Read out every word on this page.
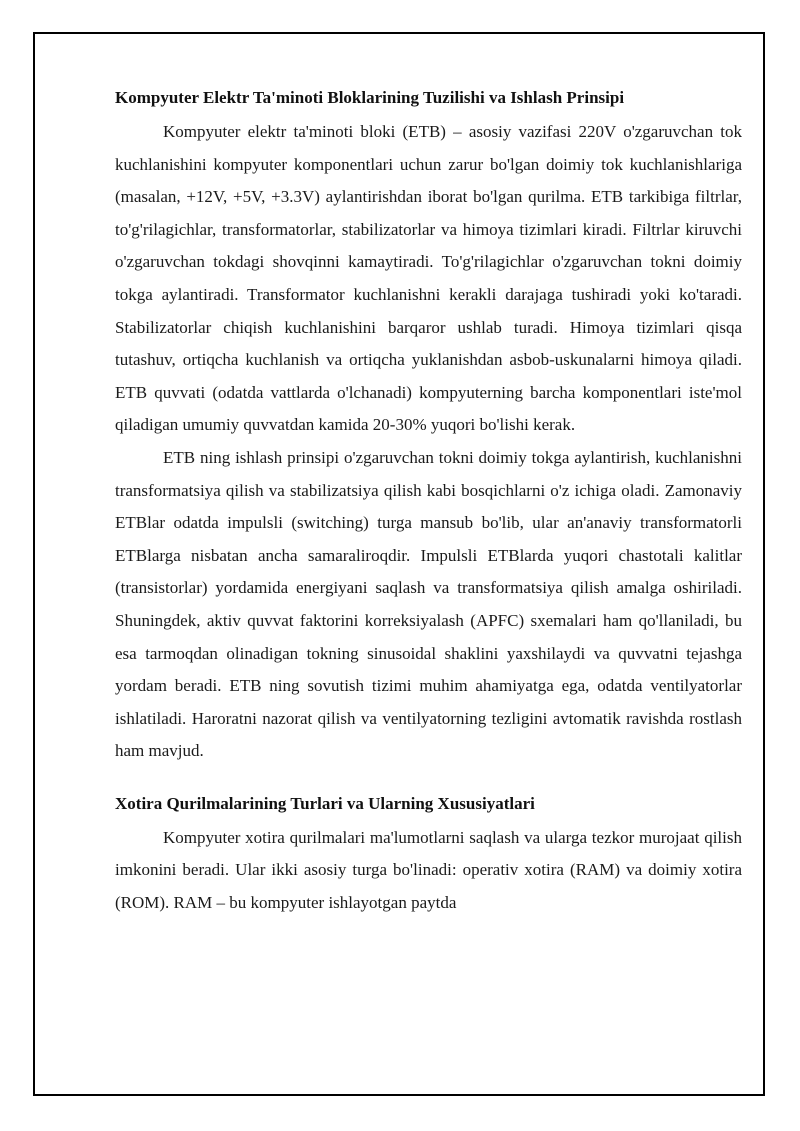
Kompyuter Elektr Ta'minoti Bloklarining Tuzilishi va Ishlash Prinsipi

Kompyuter elektr ta'minoti bloki (ETB) – asosiy vazifasi 220V o'zgaruvchan tok kuchlanishini kompyuter komponentlari uchun zarur bo'lgan doimiy tok kuchlanishlariga (masalan, +12V, +5V, +3.3V) aylantirishdan iborat bo'lgan qurilma. ETB tarkibiga filtrlar, to'g'rilagichlar, transformatorlar, stabilizatorlar va himoya tizimlari kiradi. Filtrlar kiruvchi o'zgaruvchan tokdagi shovqinni kamaytiradi. To'g'rilagichlar o'zgaruvchan tokni doimiy tokga aylantiradi. Transformator kuchlanishni kerakli darajaga tushiradi yoki ko'taradi. Stabilizatorlar chiqish kuchlanishini barqaror ushlab turadi. Himoya tizimlari qisqa tutashuv, ortiqcha kuchlanish va ortiqcha yuklanishdan asbob-uskunalarni himoya qiladi. ETB quvvati (odatda vattlarda o'lchanadi) kompyuterning barcha komponentlari iste'mol qiladigan umumiy quvvatdan kamida 20-30% yuqori bo'lishi kerak.

ETB ning ishlash prinsipi o'zgaruvchan tokni doimiy tokga aylantirish, kuchlanishni transformatsiya qilish va stabilizatsiya qilish kabi bosqichlarni o'z ichiga oladi. Zamonaviy ETBlar odatda impulsli (switching) turga mansub bo'lib, ular an'anaviy transformatorli ETBlarga nisbatan ancha samaraliroqdir. Impulsli ETBlarda yuqori chastotali kalitlar (transistorlar) yordamida energiyani saqlash va transformatsiya qilish amalga oshiriladi. Shuningdek, aktiv quvvat faktorini korreksiyalash (APFC) sxemalari ham qo'llaniladi, bu esa tarmoqdan olinadigan tokning sinusoidal shaklini yaxshilaydi va quvvatni tejashga yordam beradi. ETB ning sovutish tizimi muhim ahamiyatga ega, odatda ventilyatorlar ishlatiladi. Haroratni nazorat qilish va ventilyatorning tezligini avtomatik ravishda rostlash ham mavjud.

Xotira Qurilmalarining Turlari va Ularning Xususiyatlari

Kompyuter xotira qurilmalari ma'lumotlarni saqlash va ularga tezkor murojaat qilish imkonini beradi. Ular ikki asosiy turga bo'linadi: operativ xotira (RAM) va doimiy xotira (ROM). RAM – bu kompyuter ishlayotgan paytda
